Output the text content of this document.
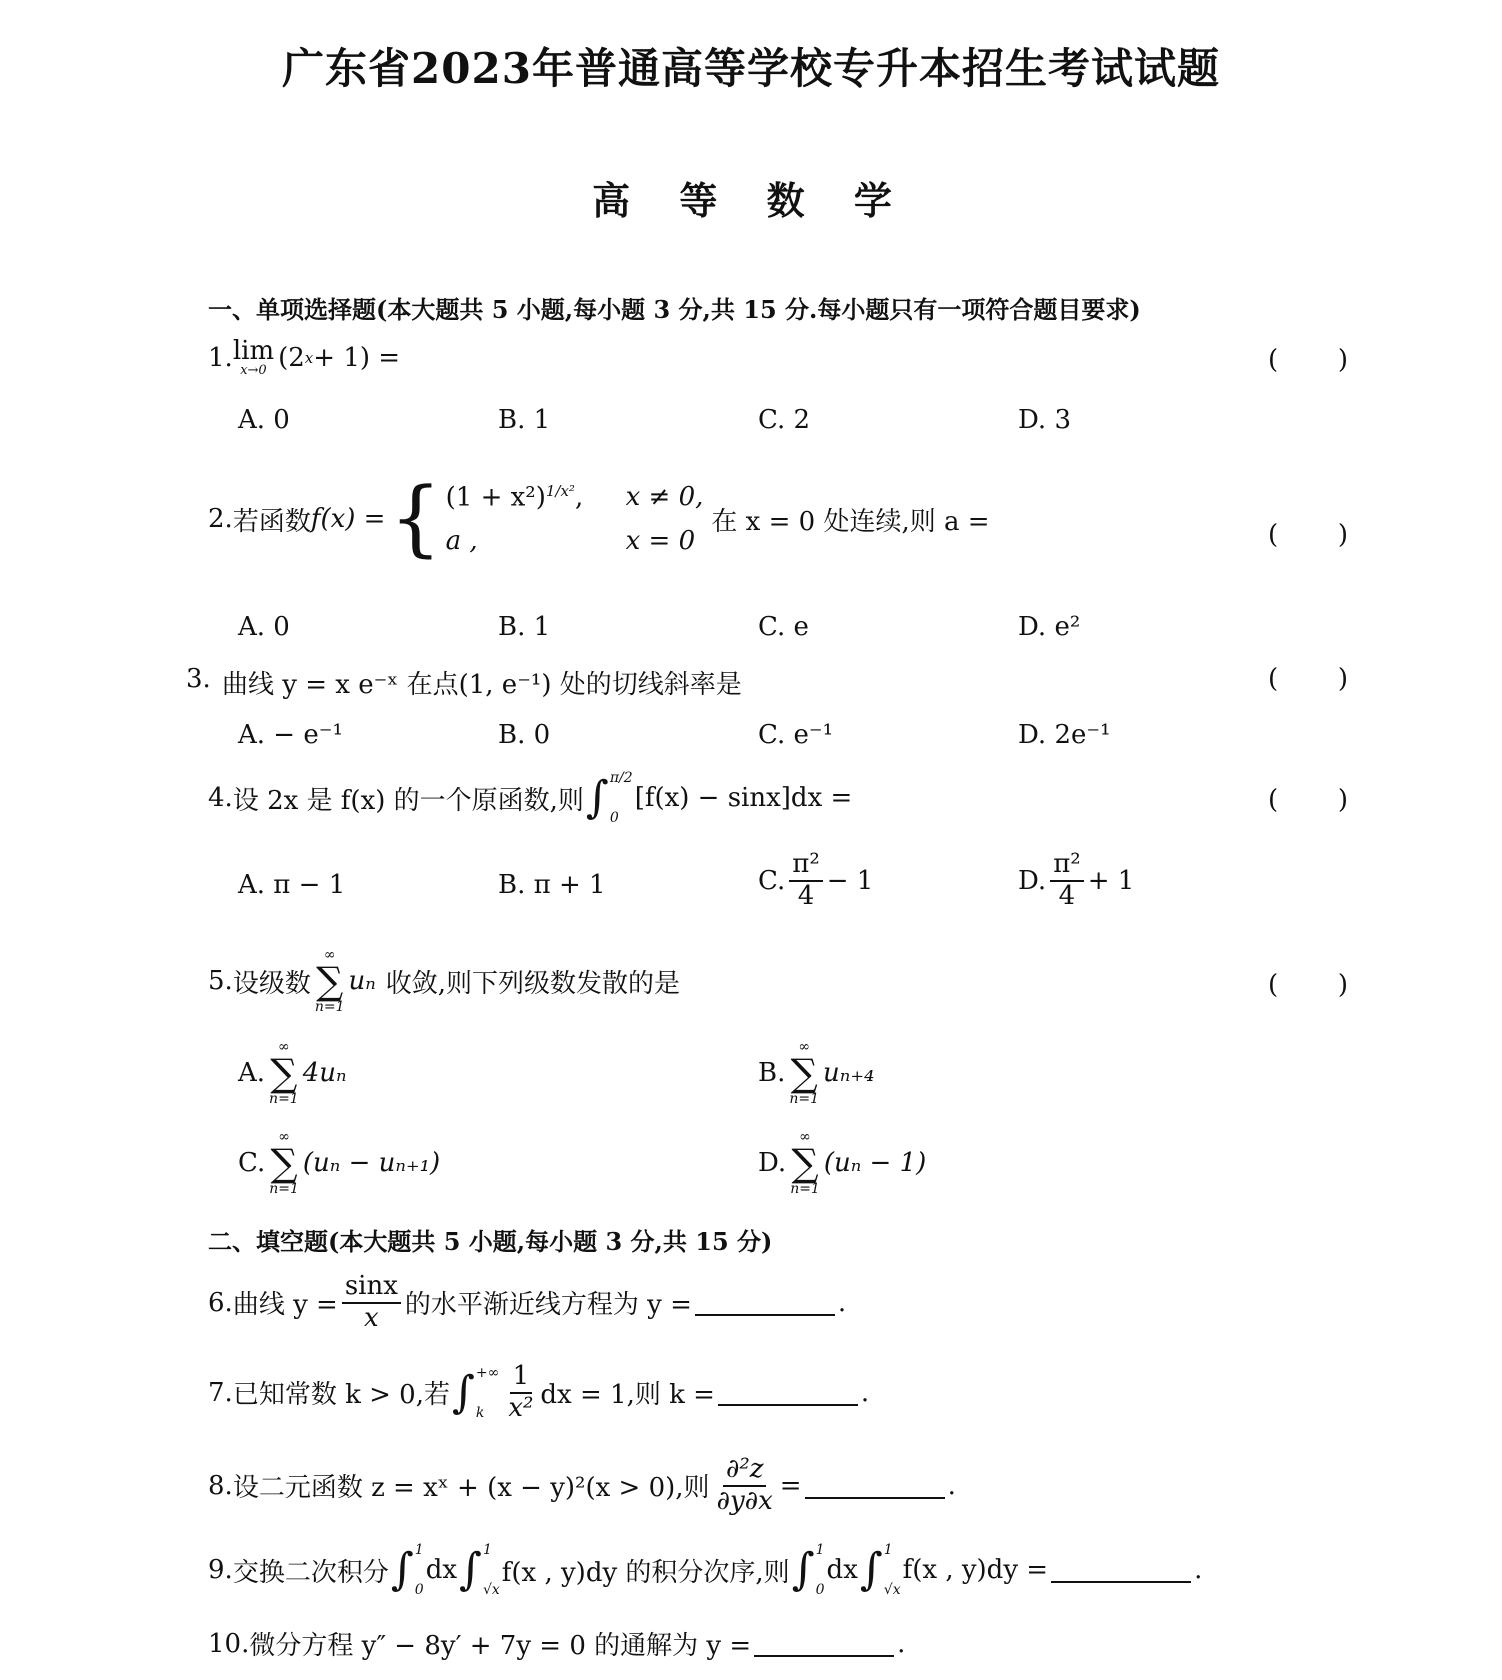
广东省2023年普通高等学校专升本招生考试试题
高 等 数 学
一、单项选择题(本大题共 5 小题,每小题 3 分,共 15 分.每小题只有一项符合题目要求)
1. lim
x→0 (2 x + 1) =	( )
A. 0	B. 1	C. 2	D. 3
2. 若函数 f(x) = { $(1 + x^2)^{1/x^2}$,	x ≠ 0,
a ,	x = 0
在 x = 0 处连续,则 a =	( )
A. 0	B. 1	C. e	D. e²
曲线 y = x e⁻ˣ 在点(1, e⁻¹) 处的切线斜率是
3.	( )
A. − e⁻¹	B. 0	C. e⁻¹	D. 2e⁻¹
4. 设 2x 是 f(x) 的一个原函数,则 ∫ π/2
0
[f(x) − sinx]dx =	( )
A. π − 1	B. π + 1	C. $\frac{\text{π²}}{4} - 1$	D. $\frac{\text{π²}}{4} + 1$
5. 设级数
∞
∑
n=1
uₙ 收敛,则下列级数发散的是	( )
A.
∞
∑
n=1
4uₙ	B.
∞
∑
n=1
uₙ₊₄
C.
∞
∑
n=1
(uₙ − uₙ₊₁)	D.
∞
∑
n=1
(uₙ − 1)
二、填空题(本大题共 5 小题,每小题 3 分,共 15 分)
6. 曲线 $y = \frac{\sin x}{x}$ 的水平渐近线方程为 y =	.
7. 已知常数 k > 0,若 ∫ +∞
k $\frac{1}{\text{x²}}$ dx = 1,则 k =	.
8. 设二元函数 z = xˣ + (x − y)²(x > 0),则 $\frac{\text{∂²z}}{\partial y\partial x}$ =	.
9. 交换二次积分 ∫ 1
0
dx ∫ 1
√x
f(x , y)dy 的积分次序,则 ∫ 1
0
dx ∫ 1
√x
f(x , y)dy =	.
10. 微分方程 y″ − 8y′ + 7y = 0 的通解为 y =	.
